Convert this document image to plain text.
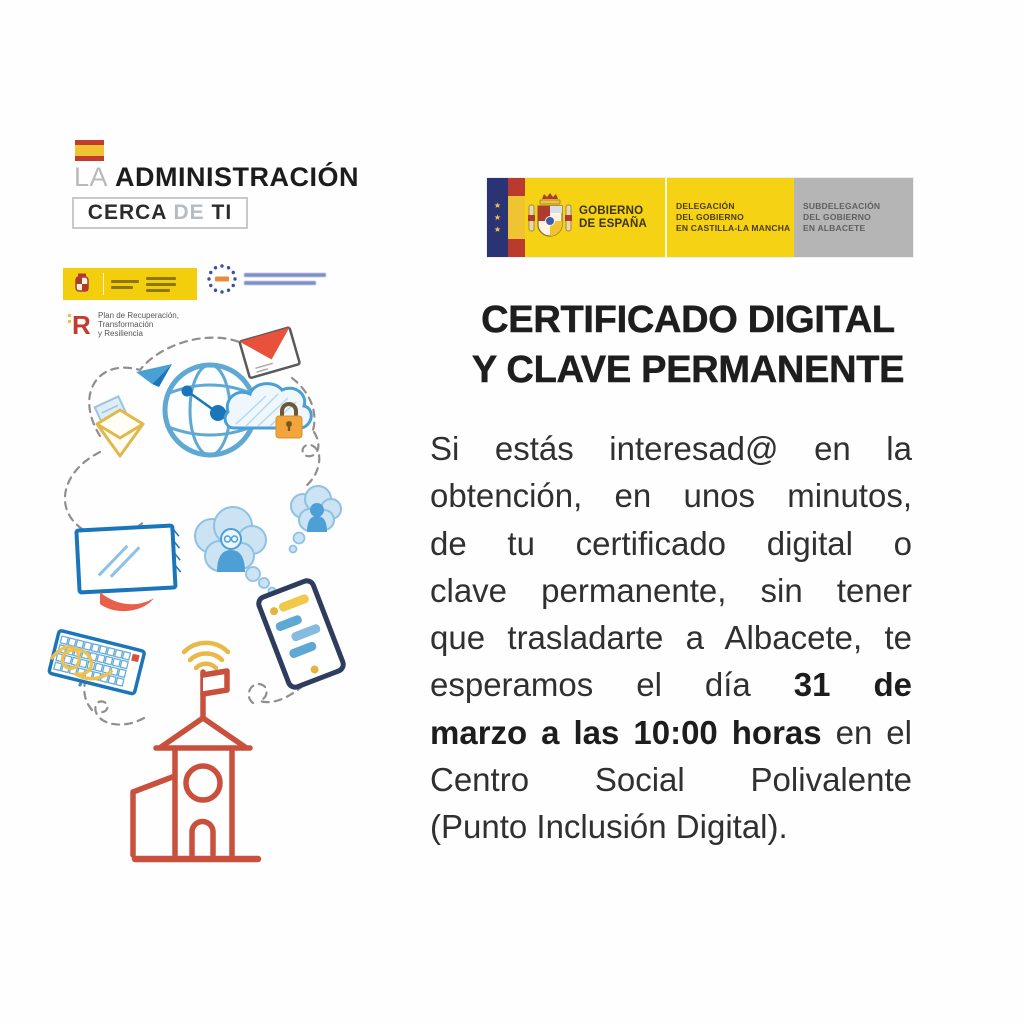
LA ADMINISTRACIÓN
CERCA DE TI
R Plan de Recuperación,
Transformación
y Resiliencia
★
★
★
GOBIERNO
DE ESPAÑA
DELEGACIÓN
DEL GOBIERNO
EN CASTILLA-LA MANCHA
SUBDELEGACIÓN
DEL GOBIERNO
EN ALBACETE
CERTIFICADO DIGITAL
Y CLAVE PERMANENTE
Si estás interesad@ en la
obtención, en unos minutos,
de tu certificado digital o
clave permanente, sin tener
que trasladarte a Albacete, te
esperamos el día 31 de
marzo a las 10:00 horas en el
Centro Social Polivalente
(Punto Inclusión Digital).
